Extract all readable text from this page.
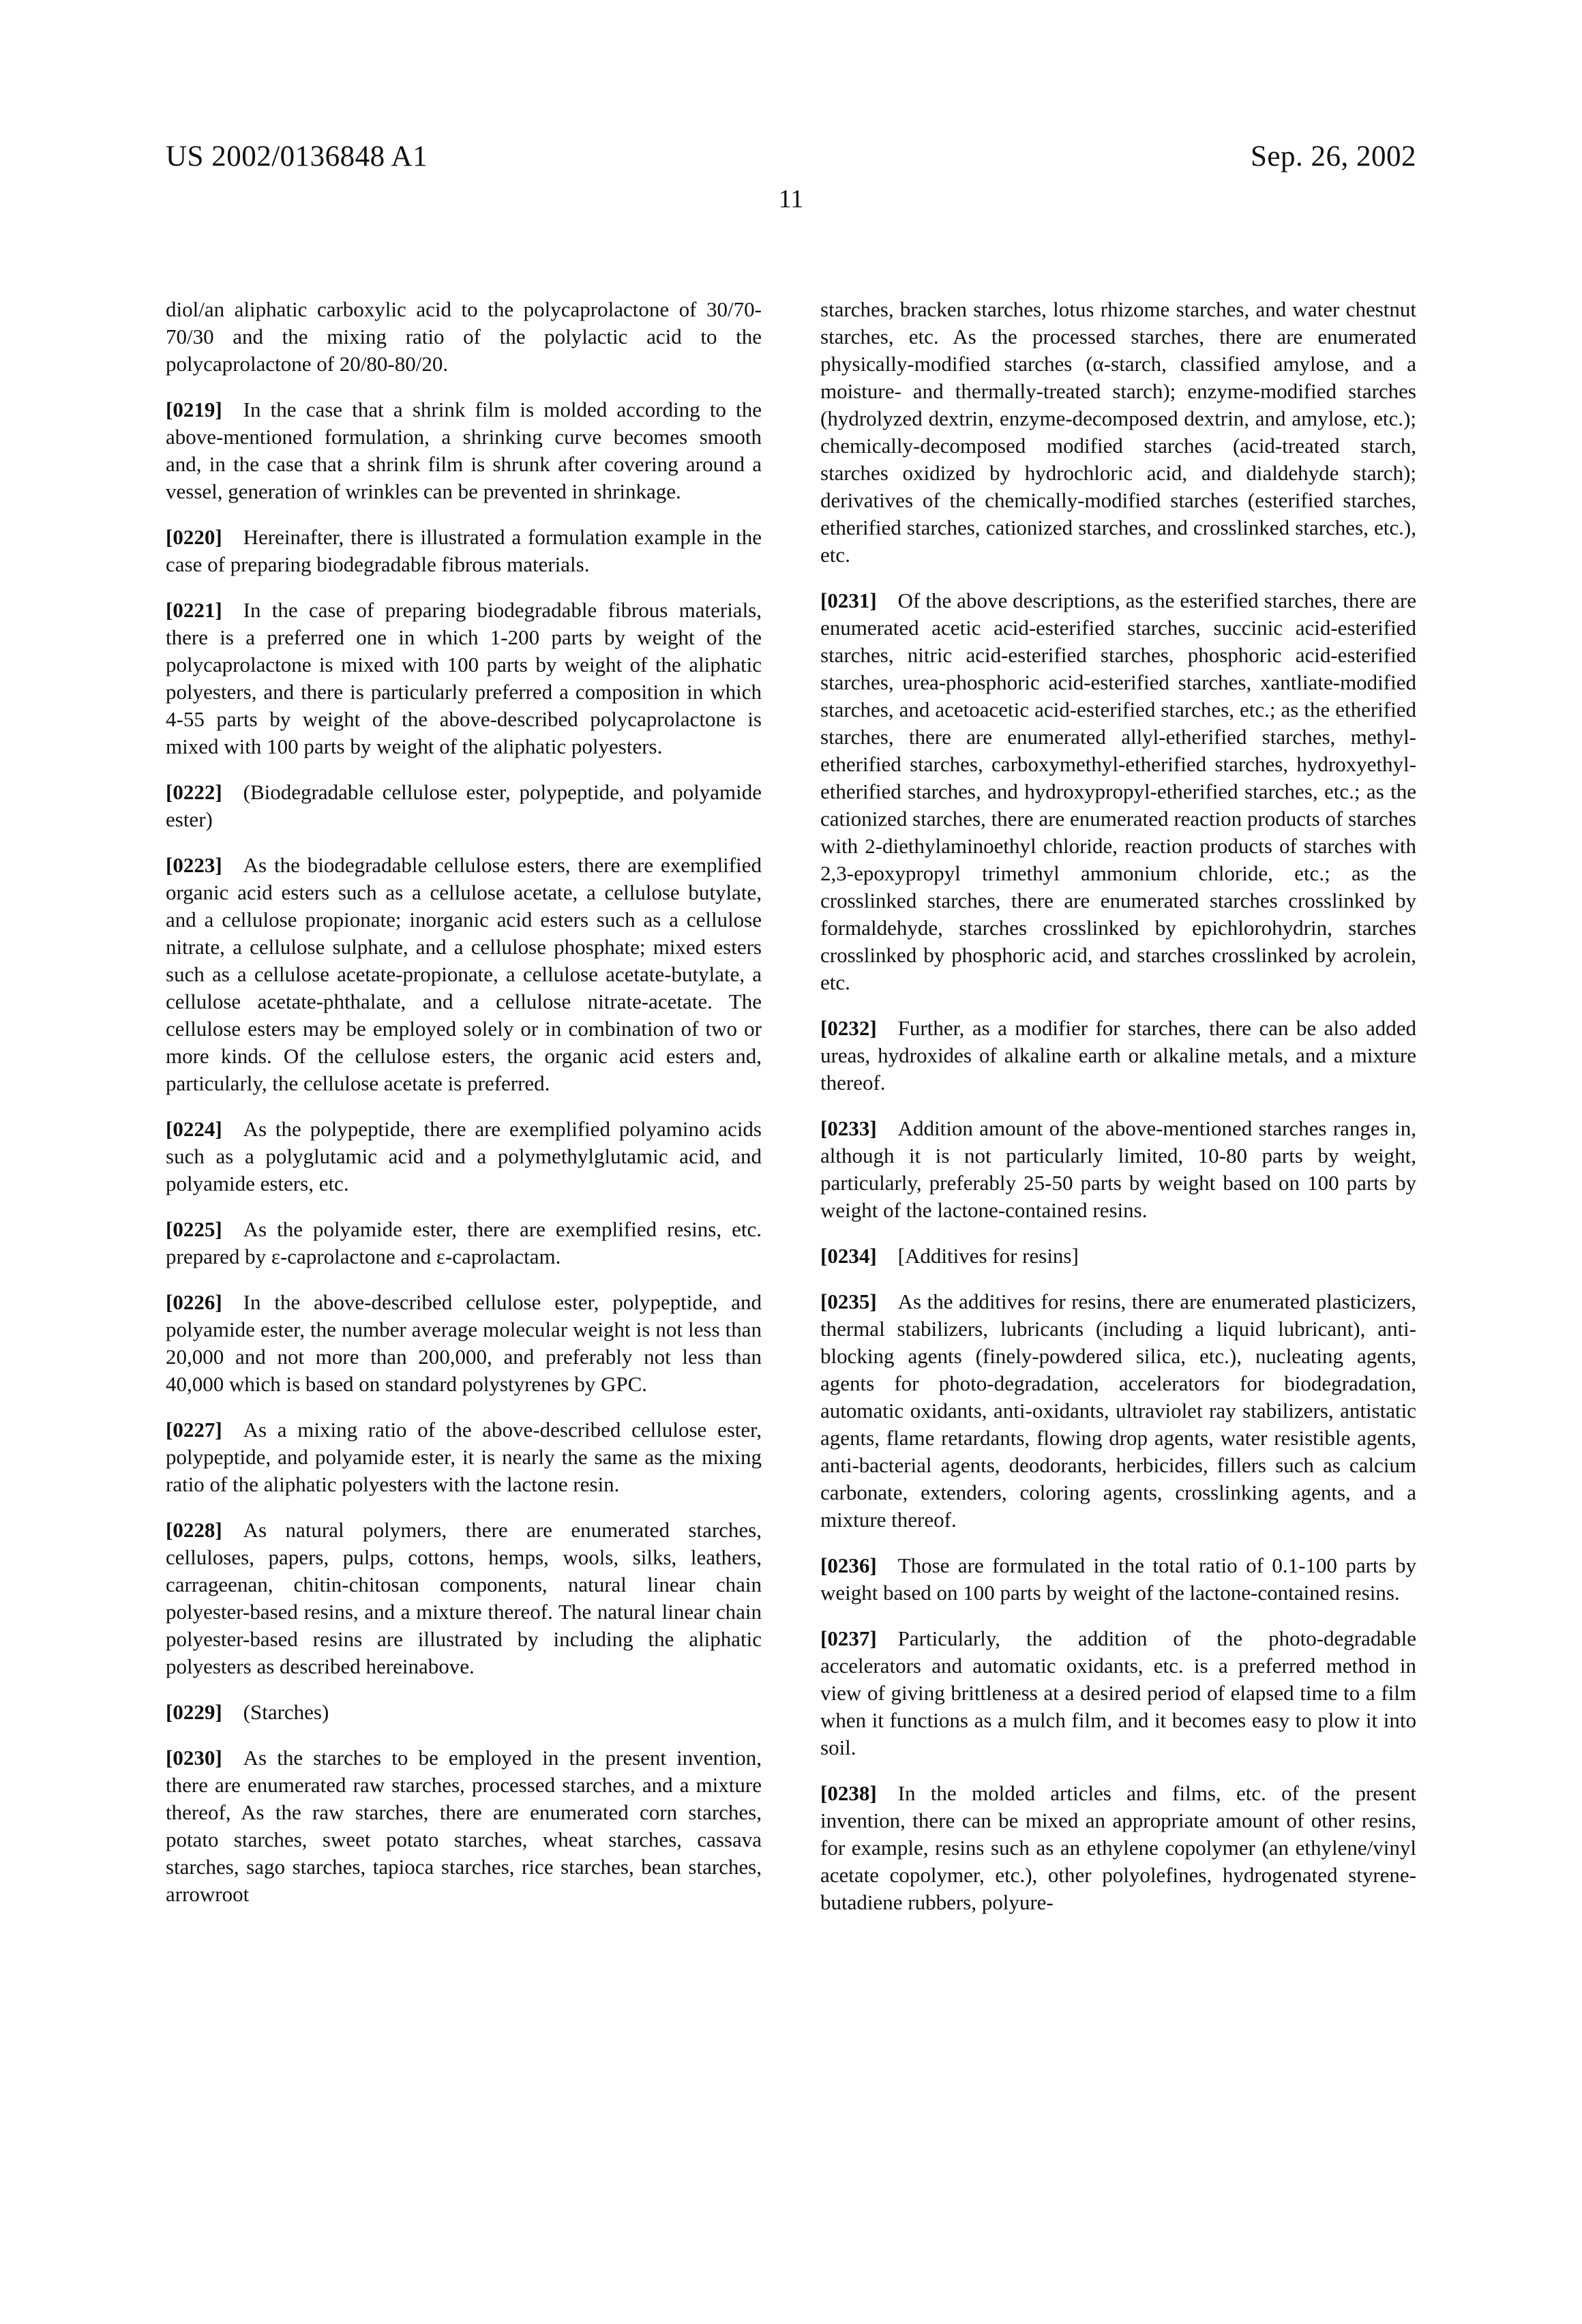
US 2002/0136848 A1	Sep. 26, 2002
11

diol/an aliphatic carboxylic acid to the polycaprolactone of 30/70-70/30 and the mixing ratio of the polylactic acid to the polycaprolactone of 20/80-80/20.

[0219] In the case that a shrink film is molded according to the above-mentioned formulation, a shrinking curve becomes smooth and, in the case that a shrink film is shrunk after covering around a vessel, generation of wrinkles can be prevented in shrinkage.

[0220] Hereinafter, there is illustrated a formulation example in the case of preparing biodegradable fibrous materials.

[0221] In the case of preparing biodegradable fibrous materials, there is a preferred one in which 1-200 parts by weight of the polycaprolactone is mixed with 100 parts by weight of the aliphatic polyesters, and there is particularly preferred a composition in which 4-55 parts by weight of the above-described polycaprolactone is mixed with 100 parts by weight of the aliphatic polyesters.

[0222] (Biodegradable cellulose ester, polypeptide, and polyamide ester)

[0223] As the biodegradable cellulose esters, there are exemplified organic acid esters such as a cellulose acetate, a cellulose butylate, and a cellulose propionate; inorganic acid esters such as a cellulose nitrate, a cellulose sulphate, and a cellulose phosphate; mixed esters such as a cellulose acetate-propionate, a cellulose acetate-butylate, a cellulose acetate-phthalate, and a cellulose nitrate-acetate. The cellulose esters may be employed solely or in combination of two or more kinds. Of the cellulose esters, the organic acid esters and, particularly, the cellulose acetate is preferred.

[0224] As the polypeptide, there are exemplified polyamino acids such as a polyglutamic acid and a polymethylglutamic acid, and polyamide esters, etc.

[0225] As the polyamide ester, there are exemplified resins, etc. prepared by ε-caprolactone and ε-caprolactam.

[0226] In the above-described cellulose ester, polypeptide, and polyamide ester, the number average molecular weight is not less than 20,000 and not more than 200,000, and preferably not less than 40,000 which is based on standard polystyrenes by GPC.

[0227] As a mixing ratio of the above-described cellulose ester, polypeptide, and polyamide ester, it is nearly the same as the mixing ratio of the aliphatic polyesters with the lactone resin.

[0228] As natural polymers, there are enumerated starches, celluloses, papers, pulps, cottons, hemps, wools, silks, leathers, carrageenan, chitin-chitosan components, natural linear chain polyester-based resins, and a mixture thereof. The natural linear chain polyester-based resins are illustrated by including the aliphatic polyesters as described hereinabove.

[0229] (Starches)

[0230] As the starches to be employed in the present invention, there are enumerated raw starches, processed starches, and a mixture thereof, As the raw starches, there are enumerated corn starches, potato starches, sweet potato starches, wheat starches, cassava starches, sago starches, tapioca starches, rice starches, bean starches, arrowroot

starches, bracken starches, lotus rhizome starches, and water chestnut starches, etc. As the processed starches, there are enumerated physically-modified starches (α-starch, classified amylose, and a moisture- and thermally-treated starch); enzyme-modified starches (hydrolyzed dextrin, enzyme-decomposed dextrin, and amylose, etc.); chemically-decomposed modified starches (acid-treated starch, starches oxidized by hydrochloric acid, and dialdehyde starch); derivatives of the chemically-modified starches (esterified starches, etherified starches, cationized starches, and crosslinked starches, etc.), etc.

[0231] Of the above descriptions, as the esterified starches, there are enumerated acetic acid-esterified starches, succinic acid-esterified starches, nitric acid-esterified starches, phosphoric acid-esterified starches, urea-phosphoric acid-esterified starches, xantliate-modified starches, and acetoacetic acid-esterified starches, etc.; as the etherified starches, there are enumerated allyl-etherified starches, methyl-etherified starches, carboxymethyl-etherified starches, hydroxyethyl-etherified starches, and hydroxypropyl-etherified starches, etc.; as the cationized starches, there are enumerated reaction products of starches with 2-diethylaminoethyl chloride, reaction products of starches with 2,3-epoxypropyl trimethyl ammonium chloride, etc.; as the crosslinked starches, there are enumerated starches crosslinked by formaldehyde, starches crosslinked by epichlorohydrin, starches crosslinked by phosphoric acid, and starches crosslinked by acrolein, etc.

[0232] Further, as a modifier for starches, there can be also added ureas, hydroxides of alkaline earth or alkaline metals, and a mixture thereof.

[0233] Addition amount of the above-mentioned starches ranges in, although it is not particularly limited, 10-80 parts by weight, particularly, preferably 25-50 parts by weight based on 100 parts by weight of the lactone-contained resins.

[0234] [Additives for resins]

[0235] As the additives for resins, there are enumerated plasticizers, thermal stabilizers, lubricants (including a liquid lubricant), anti-blocking agents (finely-powdered silica, etc.), nucleating agents, agents for photo-degradation, accelerators for biodegradation, automatic oxidants, anti-oxidants, ultraviolet ray stabilizers, antistatic agents, flame retardants, flowing drop agents, water resistible agents, anti-bacterial agents, deodorants, herbicides, fillers such as calcium carbonate, extenders, coloring agents, crosslinking agents, and a mixture thereof.

[0236] Those are formulated in the total ratio of 0.1-100 parts by weight based on 100 parts by weight of the lactone-contained resins.

[0237] Particularly, the addition of the photo-degradable accelerators and automatic oxidants, etc. is a preferred method in view of giving brittleness at a desired period of elapsed time to a film when it functions as a mulch film, and it becomes easy to plow it into soil.

[0238] In the molded articles and films, etc. of the present invention, there can be mixed an appropriate amount of other resins, for example, resins such as an ethylene copolymer (an ethylene/vinyl acetate copolymer, etc.), other polyolefines, hydrogenated styrene-butadiene rubbers, polyure-
